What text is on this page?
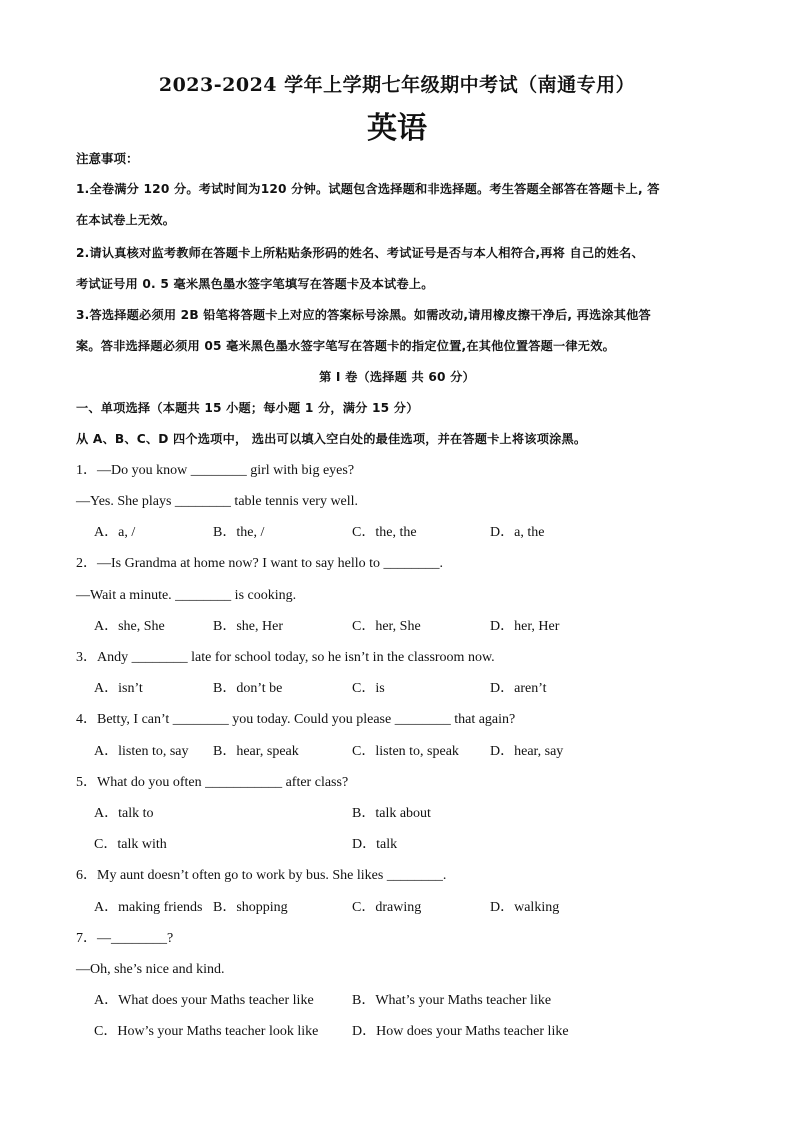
2023-2024 学年上学期七年级期中考试（南通专用）
英语
注意事项：
1.全卷满分 120 分。考试时间为120 分钟。试题包含选择题和非选择题。考生答题全部答在答题卡上, 答
在本试卷上无效。
2.请认真核对监考教师在答题卡上所粘贴条形码的姓名、考试证号是否与本人相符合,再将 自己的姓名、
考试证号用 0. 5 毫米黑色墨水签字笔填写在答题卡及本试卷上。
3.答选择题必须用 2B 铅笔将答题卡上对应的答案标号涂黑。如需改动,请用橡皮擦干净后, 再选涂其他答
案。答非选择题必须用 05 毫米黑色墨水签字笔写在答题卡的指定位置,在其他位置答题一律无效。
第 I 卷（选择题 共 60 分）
一、单项选择（本题共 15 小题；每小题 1 分，满分 15 分）
从 A、B、C、D 四个选项中， 选出可以填入空白处的最佳选项，并在答题卡上将该项涂黑。
1．—Do you know ________ girl with big eyes?
—Yes. She plays ________ table tennis very well.
A．a, /	B．the, /	C．the, the	D．a, the
2．—Is Grandma at home now? I want to say hello to ________.
—Wait a minute. ________ is cooking.
A．she, She	B．she, Her	C．her, She	D．her, Her
3．Andy ________ late for school today, so he isn’t in the classroom now.
A．isn’t	B．don’t be	C．is	D．aren’t
4．Betty, I can’t ________ you today. Could you please ________ that again?
A．listen to, say B．hear, speak	C．listen to, speak D．hear, say
5．What do you often ___________ after class?
A．talk to	B．talk about
C．talk with	D．talk
6．My aunt doesn’t often go to work by bus. She likes ________.
A．making friends B．shopping	C．drawing	D．walking
7．—________?
—Oh, she’s nice and kind.
A．What does your Maths teacher like	B．What’s your Maths teacher like
C．How’s your Maths teacher look like D．How does your Maths teacher like
